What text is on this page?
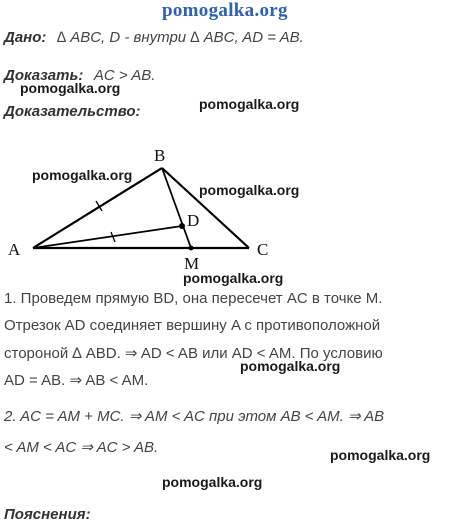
pomogalka.org
Дано: ∆ ABC, D - внутри ∆ ABC, AD = AB.
Доказать: AC > AB.
pomogalka.org
Доказательство:	pomogalka.org
B
A	C
D
M
pomogalka.org
pomogalka.org
pomogalka.org
1. Проведем прямую BD, она пересечет AC в точке M.
Отрезок AD соединяет вершину A с противоположной
стороной ∆ ABD. ⇒ AD < AB или AD < AM. По условию
pomogalka.org
AD = AB. ⇒ AB < AM.
2. AC = AM + MC. ⇒ AM < AC при этом AB < AM. ⇒ AB
< AM < AC ⇒ AC > AB.	pomogalka.org
pomogalka.org
Пояснения:
